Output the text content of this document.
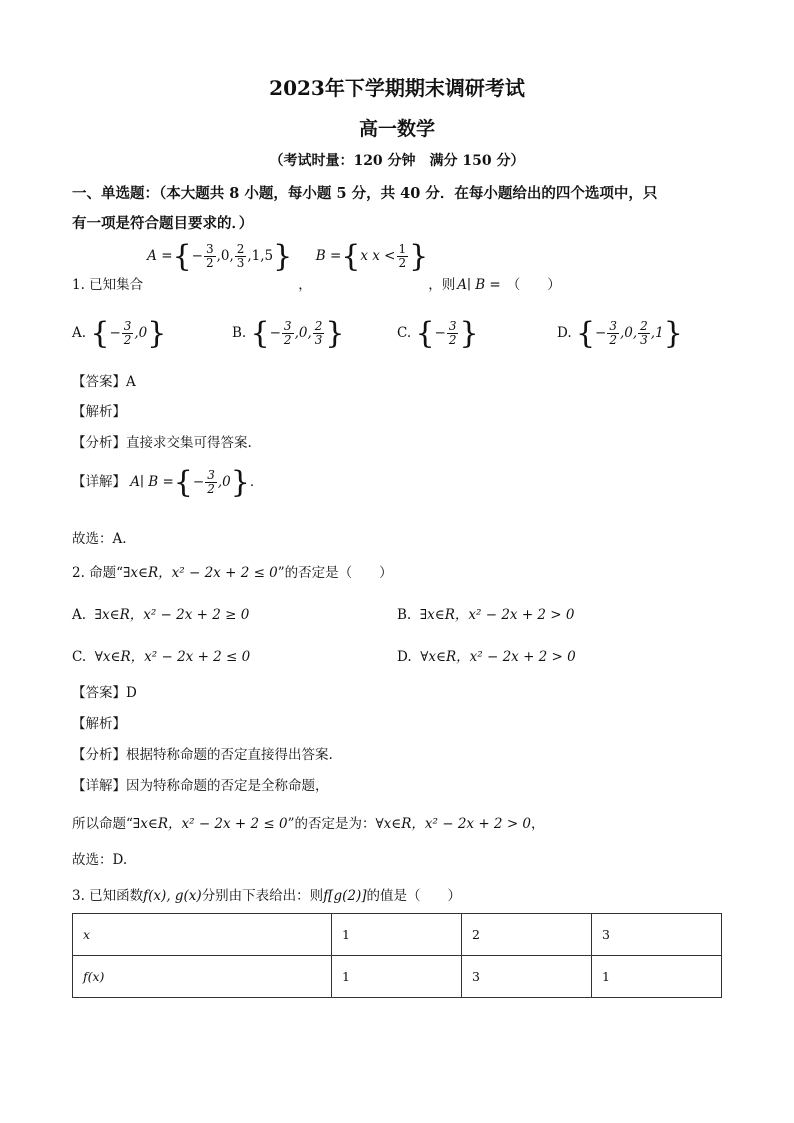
2023年下学期期末调研考试
高一数学
（考试时量：120 分钟　满分 150 分）
一、单选题：（本大题共 8 小题，每小题 5 分，共 40 分．在每小题给出的四个选项中，只
有一项是符合题目要求的．）
1. 已知集合
A ={− $\frac{3}{2} ,0$, $\frac{2}{3} ,1,5$}
，
B ={x $x < \frac{1}{2}$ }
，则 A∣ B = （　　）
A. {− $\frac{3}{2} ,0$}	B. {− $\frac{3}{2} ,0$, $\frac{2}{3}$ }	C. {− $\frac{3}{2}$ }	D. {− $\frac{3}{2} ,0$, $\frac{2}{3} ,1$}
【答案】A
【解析】
【分析】直接求交集可得答案.
【详解】 A∣ B ={− $\frac{3}{2} ,0$}．
故选：A.
2. 命题“∃x∈R，x² − 2x + 2 ≤ 0”的否定是（　　）
A. ∃x∈R，x² − 2x + 2 ≥ 0	B. ∃x∈R，x² − 2x + 2 > 0
C. ∀x∈R，x² − 2x + 2 ≤ 0	D. ∀x∈R，x² − 2x + 2 > 0
【答案】D
【解析】
【分析】根据特称命题的否定直接得出答案.
【详解】因为特称命题的否定是全称命题，
所以命题“∃x∈R，x² − 2x + 2 ≤ 0”的否定是为：∀x∈R，x² − 2x + 2 > 0，
故选：D.
3. 已知函数f(x), g(x)分别由下表给出：则f[g(2)]的值是（　　）
x	1	2	3
f(x)	1	3	1
